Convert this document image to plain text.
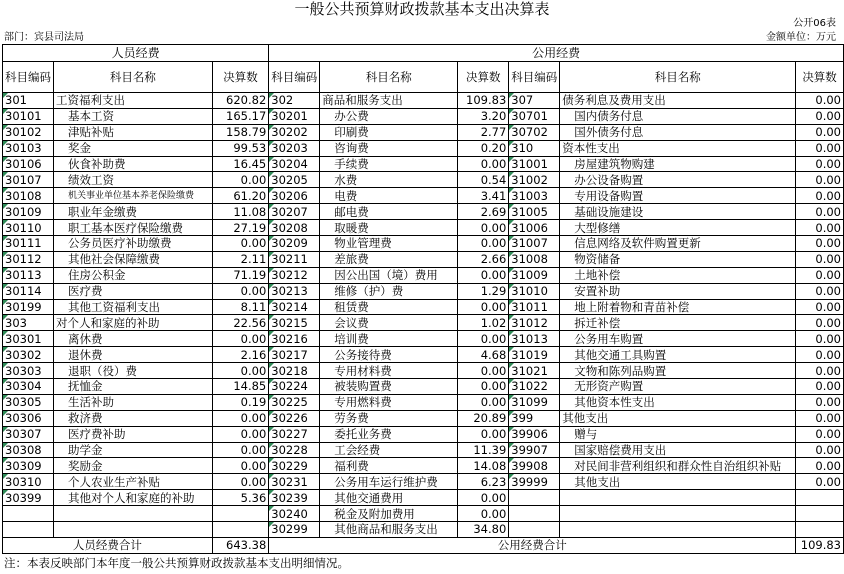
一般公共预算财政拨款基本支出决算表
公开06表
部门：宾县司法局	金额单位：万元
人员经费			公用经费					
科目编码	科目名称	决算数	科目编码	科目名称	决算数	科目编码	科目名称	决算数
301	工资福利支出	620.82	302	商品和服务支出	109.83	307	债务利息及费用支出	0.00
30101	基本工资	165.17	30201	办公费	3.20	30701	国内债务付息	0.00
30102	津贴补贴	158.79	30202	印刷费	2.77	30702	国外债务付息	0.00
30103	奖金	99.53	30203	咨询费	0.20	310	资本性支出	0.00
30106	伙食补助费	16.45	30204	手续费	0.00	31001	房屋建筑物购建	0.00
30107	绩效工资	0.00	30205	水费	0.54	31002	办公设备购置	0.00
30108	机关事业单位基本养老保险缴费	61.20	30206	电费	3.41	31003	专用设备购置	0.00
30109	职业年金缴费	11.08	30207	邮电费	2.69	31005	基础设施建设	0.00
30110	职工基本医疗保险缴费	27.19	30208	取暖费	0.00	31006	大型修缮	0.00
30111	公务员医疗补助缴费	0.00	30209	物业管理费	0.00	31007	信息网络及软件购置更新	0.00
30112	其他社会保障缴费	2.11	30211	差旅费	2.66	31008	物资储备	0.00
30113	住房公积金	71.19	30212	因公出国（境）费用	0.00	31009	土地补偿	0.00
30114	医疗费	0.00	30213	维修（护）费	1.29	31010	安置补助	0.00
30199	其他工资福利支出	8.11	30214	租赁费	0.00	31011	地上附着物和青苗补偿	0.00
303	对个人和家庭的补助	22.56	30215	会议费	1.02	31012	拆迁补偿	0.00
30301	离休费	0.00	30216	培训费	0.00	31013	公务用车购置	0.00
30302	退休费	2.16	30217	公务接待费	4.68	31019	其他交通工具购置	0.00
30303	退职（役）费	0.00	30218	专用材料费	0.00	31021	文物和陈列品购置	0.00
30304	抚恤金	14.85	30224	被装购置费	0.00	31022	无形资产购置	0.00
30305	生活补助	0.19	30225	专用燃料费	0.00	31099	其他资本性支出	0.00
30306	救济费	0.00	30226	劳务费	20.89	399	其他支出	0.00
30307	医疗费补助	0.00	30227	委托业务费	0.00	39906	赠与	0.00
30308	助学金	0.00	30228	工会经费	11.39	39907	国家赔偿费用支出	0.00
30309	奖励金	0.00	30229	福利费	14.08	39908	对民间非营利组织和群众性自治组织补贴	0.00
30310	个人农业生产补贴	0.00	30231	公务用车运行维护费	6.23	39999	其他支出	0.00
30399	其他对个人和家庭的补助	5.36	30239	其他交通费用	0.00			
			30240	税金及附加费用	0.00			
			30299	其他商品和服务支出	34.80			
人员经费合计		643.38	公用经费合计					109.83
注：本表反映部门本年度一般公共预算财政拨款基本支出明细情况。
